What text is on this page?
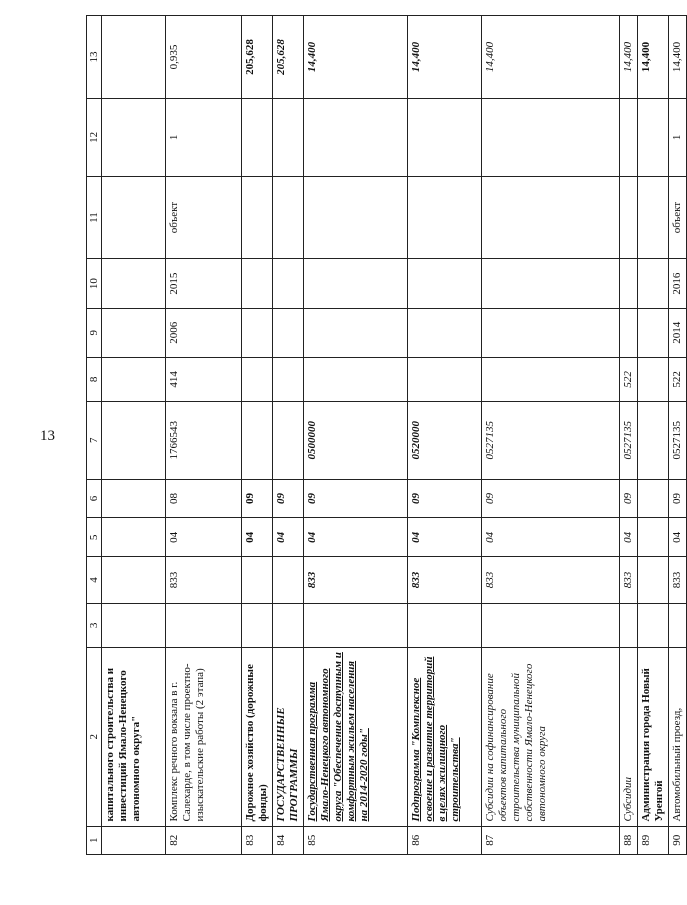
13
1	2	3	4	5	6	7	8	9	10	11	12	13
	капитального строительства и инвестиций Ямало-Ненецкого автономного округа"											
82	Комплекс речного вокзала в г. Салехарде, в том числе проектно-изыскательские работы (2 этапа)		833	04	08	1766543	414	2006	2015	объект	1	0,935
83	Дорожное хозяйство (дорожные фонды)			04	09							205,628
84	ГОСУДАРСТВЕННЫЕ ПРОГРАММЫ			04	09							205,628
85	Государственная программа Ямало-Ненецкого автономного округа "Обеспечение доступным и комфортным жильем населения на 2014-2020 годы"		833	04	09	0500000						14,400
86	Подпрограмма "Комплексное освоение и развитие территорий в целях жилищного строительства"		833	04	09	0520000						14,400
87	Субсидии на софинансирование объектов капитального строительства муниципальной собственности Ямало-Ненецкого автономного округа		833	04	09	0527135						14,400
88	Субсидии		833	04	09	0527135	522					14,400
89	Администрация города Новый Уренгой											14,400
90	Автомобильный проезд,		833	04	09	0527135	522	2014	2016	объект	1	14,400
